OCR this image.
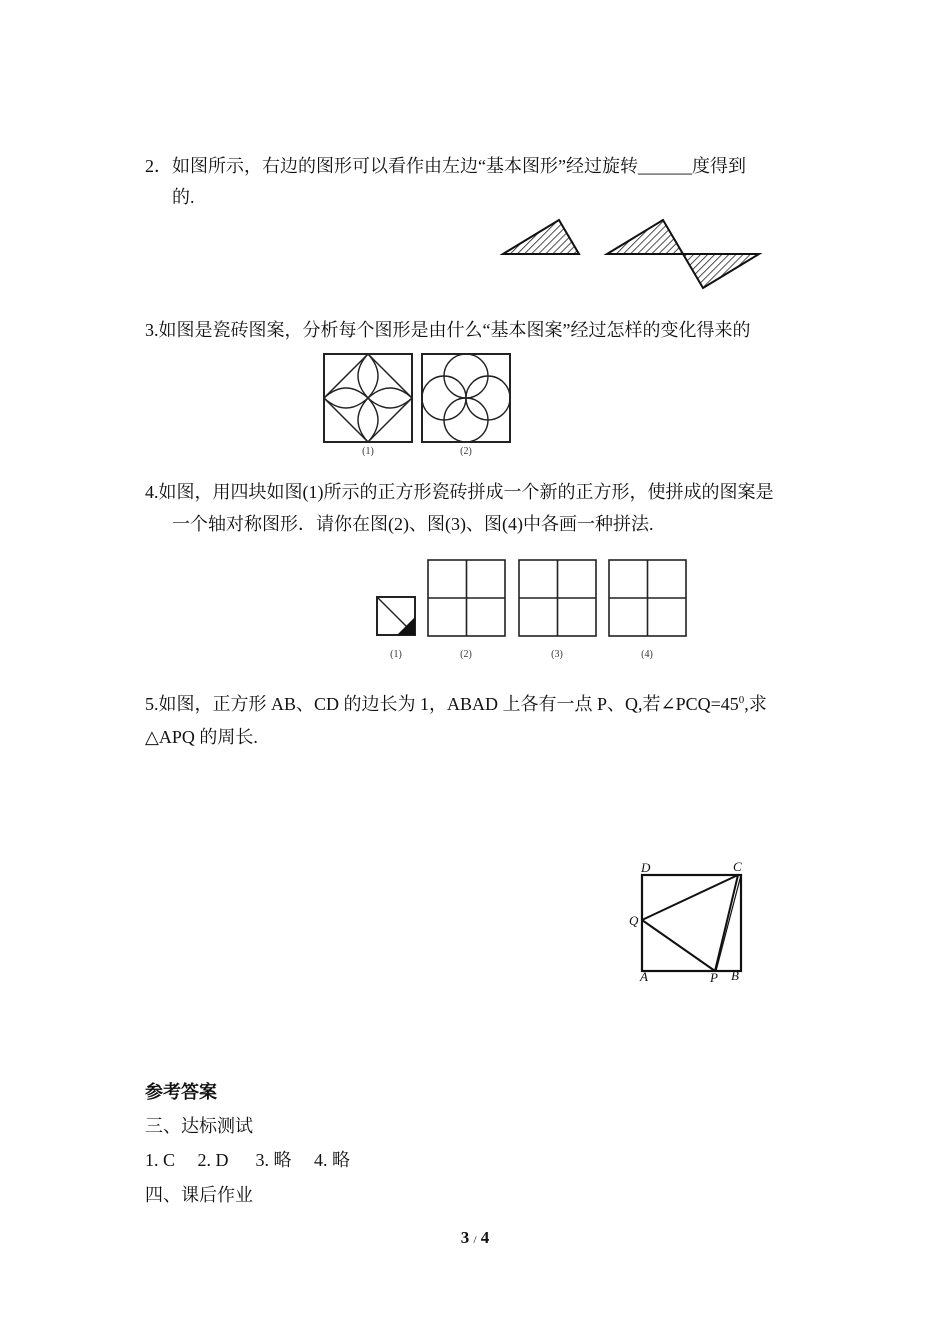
2．如图所示，右边的图形可以看作由左边“基本图形”经过旋转______度得到
的.
3.如图是瓷砖图案，分析每个图形是由什么“基本图案”经过怎样的变化得来的
(1)	(2)
4.如图，用四块如图(1)所示的正方形瓷砖拼成一个新的正方形，使拼成的图案是
一个轴对称图形．请你在图(2)、图(3)、图(4)中各画一种拼法.
(1)	(2)	(3)	(4)
5.如图，正方形 AB、CD 的边长为 1，ABAD 上各有一点 P、Q,若$\angle PCQ=45^0$,求
△APQ 的周长.
D	C
Q
A	P B
参考答案
三、达标测试
1. C     2. D      3. 略     4. 略
四、课后作业
3 / 4
